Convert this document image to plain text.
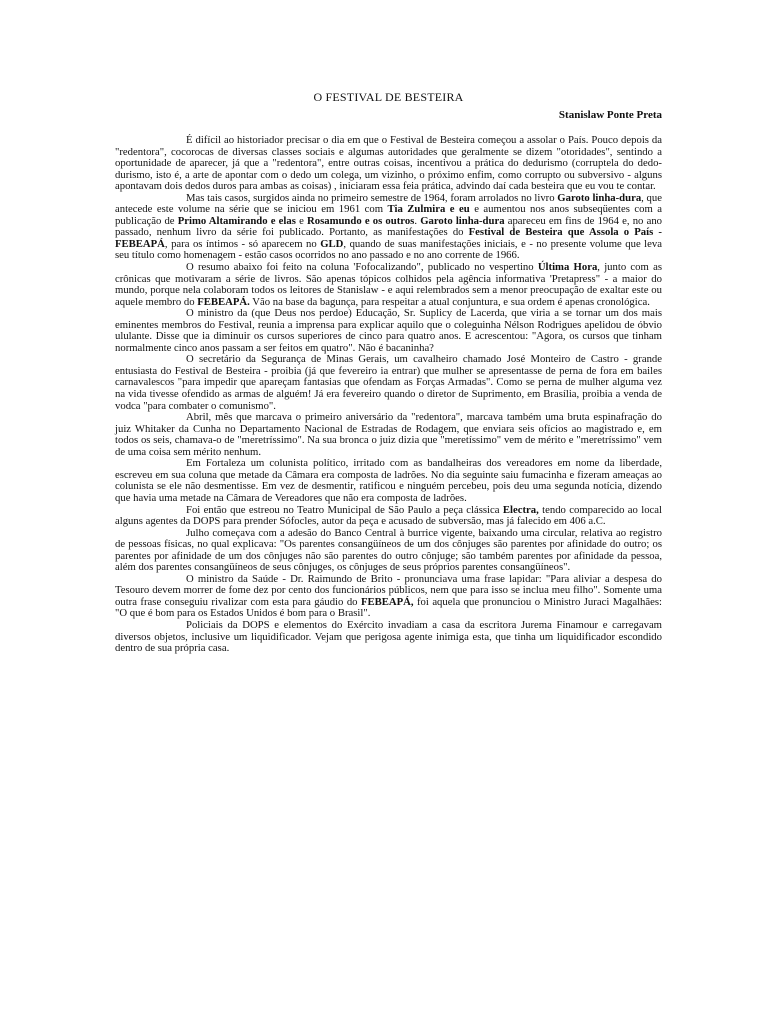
O FESTIVAL DE BESTEIRA
Stanislaw Ponte Preta

É difícil ao historiador precisar o dia em que o Festival de Besteira começou a assolar o País. Pouco depois da "redentora", cocorocas de diversas classes sociais e algumas autoridades que geralmente se dizem "otoridades", sentindo a oportunidade de aparecer, já que a "redentora", entre outras coisas, incentivou a prática do dedurismo (corruptela do dedo-durismo, isto é, a arte de apontar com o dedo um colega, um vizinho, o próximo enfim, como corrupto ou subversivo - alguns apontavam dois dedos duros para ambas as coisas) , iniciaram essa feia prática, advindo daí cada besteira que eu vou te contar.

Mas tais casos, surgidos ainda no primeiro semestre de 1964, foram arrolados no livro Garoto linha-dura, que antecede este volume na série que se iniciou em 1961 com Tia Zulmira e eu e aumentou nos anos subseqüentes com a publicação de Primo Altamirando e elas e Rosamundo e os outros. Garoto linha-dura apareceu em fins de 1964 e, no ano passado, nenhum livro da série foi publicado. Portanto, as manifestações do Festival de Besteira que Assola o País - FEBEAPÁ, para os íntimos - só aparecem no GLD, quando de suas manifestações iniciais, e - no presente volume que leva seu título como homenagem - estão casos ocorridos no ano passado e no ano corrente de 1966.

O resumo abaixo foi feito na coluna 'Fofocalizando", publicado no vespertino Última Hora, junto com as crônicas que motivaram a série de livros. São apenas tópicos colhidos pela agência informativa 'Pretapress" - a maior do mundo, porque nela colaboram todos os leitores de Stanislaw - e aqui relembrados sem a menor preocupação de exaltar este ou aquele membro do FEBEAPÁ. Vão na base da bagunça, para respeitar a atual conjuntura, e sua ordem é apenas cronológica.

O ministro da (que Deus nos perdoe) Educação, Sr. Suplicy de Lacerda, que viria a se tornar um dos mais eminentes membros do Festival, reunia a imprensa para explicar aquilo que o coleguinha Nélson Rodrigues apelidou de óbvio ululante. Disse que ia diminuir os cursos superiores de cinco para quatro anos. E acrescentou: "Agora, os cursos que tinham normalmente cinco anos passam a ser feitos em quatro". Não é bacaninha?

O secretário da Segurança de Minas Gerais, um cavalheiro chamado José Monteiro de Castro - grande entusiasta do Festival de Besteira - proibia (já que fevereiro ia entrar) que mulher se apresentasse de perna de fora em bailes carnavalescos "para impedir que apareçam fantasias que ofendam as Forças Armadas". Como se perna de mulher alguma vez na vida tivesse ofendido as armas de alguém! Já era fevereiro quando o diretor de Suprimento, em Brasília, proibia a venda de vodca "para combater o comunismo".

Abril, mês que marcava o primeiro aniversário da "redentora", marcava também uma bruta espinafração do juiz Whitaker da Cunha no Departamento Nacional de Estradas de Rodagem, que enviara seis ofícios ao magistrado e, em todos os seis, chamava-o de "meretríssimo". Na sua bronca o juiz dizia que "meretíssimo" vem de mérito e "meretríssimo" vem de uma coisa sem mérito nenhum.

Em Fortaleza um colunista político, irritado com as bandalheiras dos vereadores em nome da liberdade, escreveu em sua coluna que metade da Câmara era composta de ladrões. No dia seguinte saiu fumacinha e fizeram ameaças ao colunista se ele não desmentisse. Em vez de desmentir, ratificou e ninguém percebeu, pois deu uma segunda notícia, dizendo que havia uma metade na Câmara de Vereadores que não era composta de ladrões.

Foi então que estreou no Teatro Municipal de São Paulo a peça clássica Electra, tendo comparecido ao local alguns agentes da DOPS para prender Sófocles, autor da peça e acusado de subversão, mas já falecido em 406 a.C.

Julho começava com a adesão do Banco Central à burrice vigente, baixando uma circular, relativa ao registro de pessoas físicas, no qual explicava: "Os parentes consangüíneos de um dos cônjuges são parentes por afinidade do outro; os parentes por afinidade de um dos cônjuges não são parentes do outro cônjuge; são também parentes por afinidade da pessoa, além dos parentes consangüíneos de seus cônjuges, os cônjuges de seus próprios parentes consangüíneos".

O ministro da Saúde - Dr. Raimundo de Brito - pronunciava uma frase lapidar: "Para aliviar a despesa do Tesouro devem morrer de fome dez por cento dos funcionários públicos, nem que para isso se inclua meu filho". Somente uma outra frase conseguiu rivalizar com esta para gáudio do FEBEAPÁ, foi aquela que pronunciou o Ministro Juraci Magalhães: "O que é bom para os Estados Unidos é bom para o Brasil".

Policiais da DOPS e elementos do Exército invadiam a casa da escritora Jurema Finamour e carregavam diversos objetos, inclusive um liquidificador. Vejam que perigosa agente inimiga esta, que tinha um liquidificador escondido dentro de sua própria casa.
